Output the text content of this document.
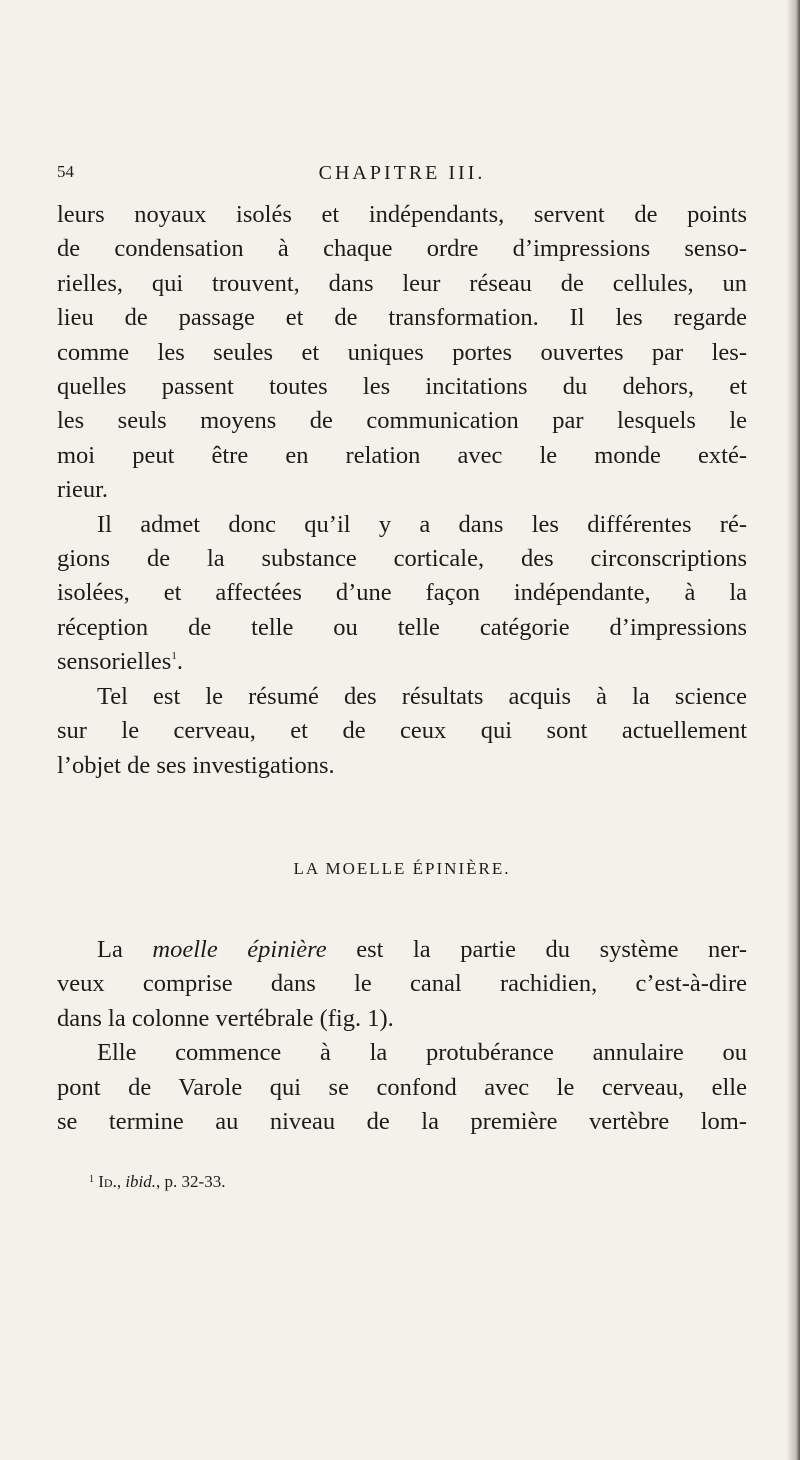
54	CHAPITRE III.
leurs noyaux isolés et indépendants, servent de points
de condensation à chaque ordre d’impressions senso-
rielles, qui trouvent, dans leur réseau de cellules, un
lieu de passage et de transformation. Il les regarde
comme les seules et uniques portes ouvertes par les-
quelles passent toutes les incitations du dehors, et
les seuls moyens de communication par lesquels le
moi peut être en relation avec le monde exté-
rieur.
Il admet donc qu’il y a dans les différentes ré-
gions de la substance corticale, des circonscriptions
isolées, et affectées d’une façon indépendante, à la
réception de telle ou telle catégorie d’impressions
sensorielles$^1$.
Tel est le résumé des résultats acquis à la science
sur le cerveau, et de ceux qui sont actuellement
l’objet de ses investigations.
LA MOELLE ÉPINIÈRE.
La moelle épinière est la partie du système ner-
veux comprise dans le canal rachidien, c’est-à-dire
dans la colonne vertébrale (fig. 1).
Elle commence à la protubérance annulaire ou
pont de Varole qui se confond avec le cerveau, elle
se termine au niveau de la première vertèbre lom-
$^1$ Id., ibid., p. 32-33.
